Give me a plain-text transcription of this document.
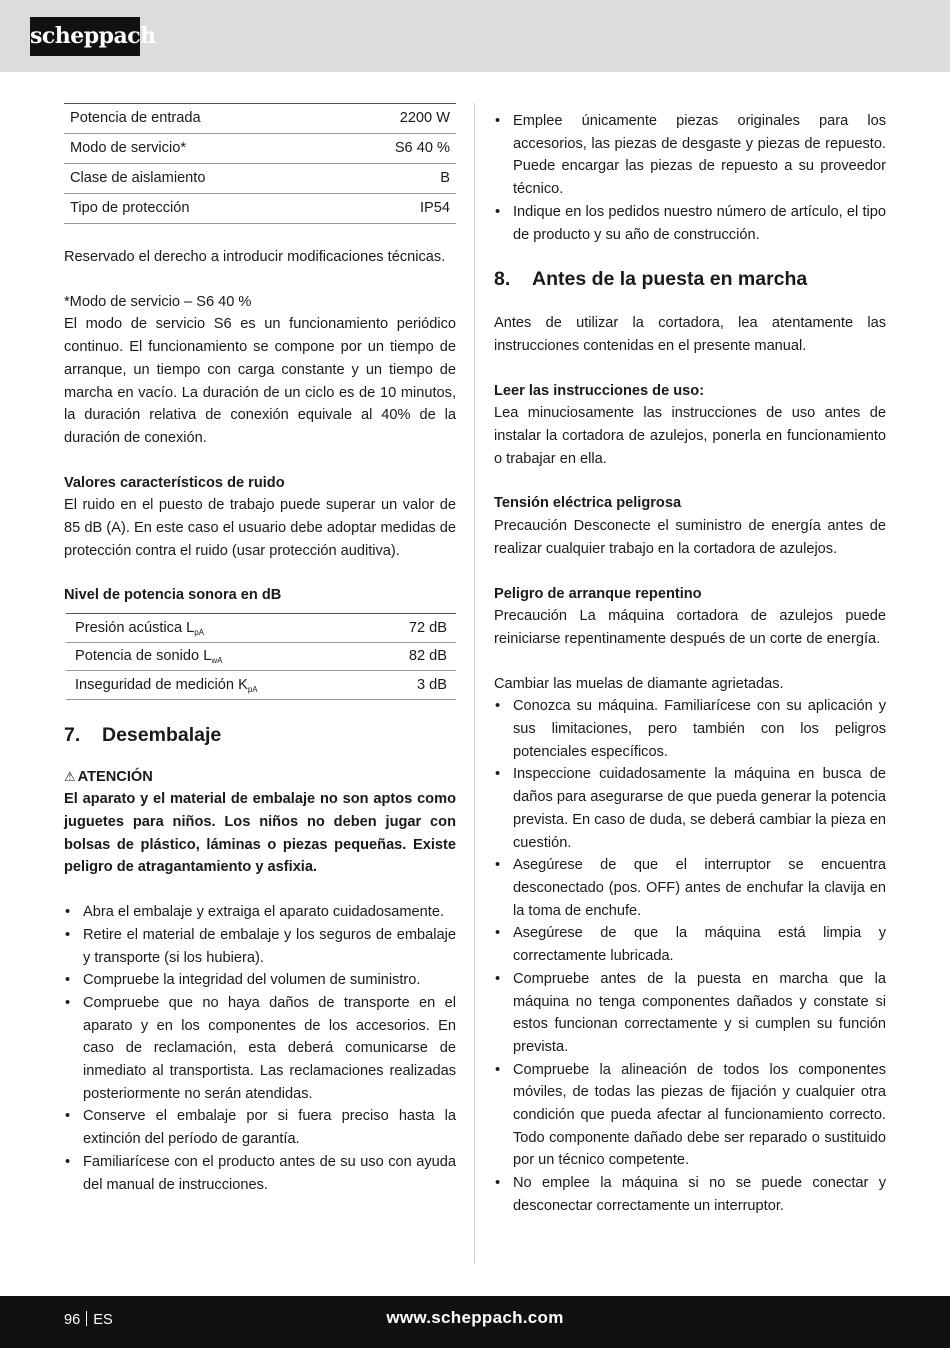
scheppach
Potencia de entrada	2200 W
Modo de servicio*	S6 40 %
Clase de aislamiento	B
Tipo de protección	IP54

Reservado el derecho a introducir modificaciones técnicas.

*Modo de servicio – S6 40 %

El modo de servicio S6 es un funcionamiento periódico continuo. El funcionamiento se compone por un tiempo de arranque, un tiempo con carga constante y un tiempo de marcha en vacío. La duración de un ciclo es de 10 minutos, la duración relativa de conexión equivale al 40% de la duración de conexión.

Valores característicos de ruido

El ruido en el puesto de trabajo puede superar un valor de 85 dB (A). En este caso el usuario debe adoptar medidas de protección contra el ruido (usar protección auditiva).

Nivel de potencia sonora en dB

Presión acústica $L_{pA}$	72 dB
Potencia de sonido $L_{wA}$	82 dB
Inseguridad de medición $K_{pA}$	3 dB
7. Desembalaje

⚠ ATENCIÓN

El aparato y el material de embalaje no son aptos como juguetes para niños. Los niños no deben jugar con bolsas de plástico, láminas o piezas pequeñas. Existe peligro de atragantamiento y asfixia.

• Abra el embalaje y extraiga el aparato cuidadosamente.
• Retire el material de embalaje y los seguros de embalaje y transporte (si los hubiera).
• Compruebe la integridad del volumen de suministro.
• Compruebe que no haya daños de transporte en el aparato y en los componentes de los accesorios. En caso de reclamación, esta deberá comunicarse de inmediato al transportista. Las reclamaciones realizadas posteriormente no serán atendidas.
• Conserve el embalaje por si fuera preciso hasta la extinción del período de garantía.
• Familiarícese con el producto antes de su uso con ayuda del manual de instrucciones.
• Emplee únicamente piezas originales para los accesorios, las piezas de desgaste y piezas de repuesto. Puede encargar las piezas de repuesto a su proveedor técnico.
• Indique en los pedidos nuestro número de artículo, el tipo de producto y su año de construcción.
8. Antes de la puesta en marcha

Antes de utilizar la cortadora, lea atentamente las instrucciones contenidas en el presente manual.

Leer las instrucciones de uso:

Lea minuciosamente las instrucciones de uso antes de instalar la cortadora de azulejos, ponerla en funcionamiento o trabajar en ella.

Tensión eléctrica peligrosa

Precaución Desconecte el suministro de energía antes de realizar cualquier trabajo en la cortadora de azulejos.

Peligro de arranque repentino

Precaución La máquina cortadora de azulejos puede reiniciarse repentinamente después de un corte de energía.

Cambiar las muelas de diamante agrietadas.

• Conozca su máquina. Familiarícese con su aplicación y sus limitaciones, pero también con los peligros potenciales específicos.
• Inspeccione cuidadosamente la máquina en busca de daños para asegurarse de que pueda generar la potencia prevista. En caso de duda, se deberá cambiar la pieza en cuestión.
• Asegúrese de que el interruptor se encuentra desconectado (pos. OFF) antes de enchufar la clavija en la toma de enchufe.
• Asegúrese de que la máquina está limpia y correctamente lubricada.
• Compruebe antes de la puesta en marcha que la máquina no tenga componentes dañados y constate si estos funcionan correctamente y si cumplen su función prevista.
• Compruebe la alineación de todos los componentes móviles, de todas las piezas de fijación y cualquier otra condición que pueda afectar al funcionamiento correcto. Todo componente dañado debe ser reparado o sustituido por un técnico competente.
• No emplee la máquina si no se puede conectar y desconectar correctamente un interruptor.
96 ES	www.scheppach.com
